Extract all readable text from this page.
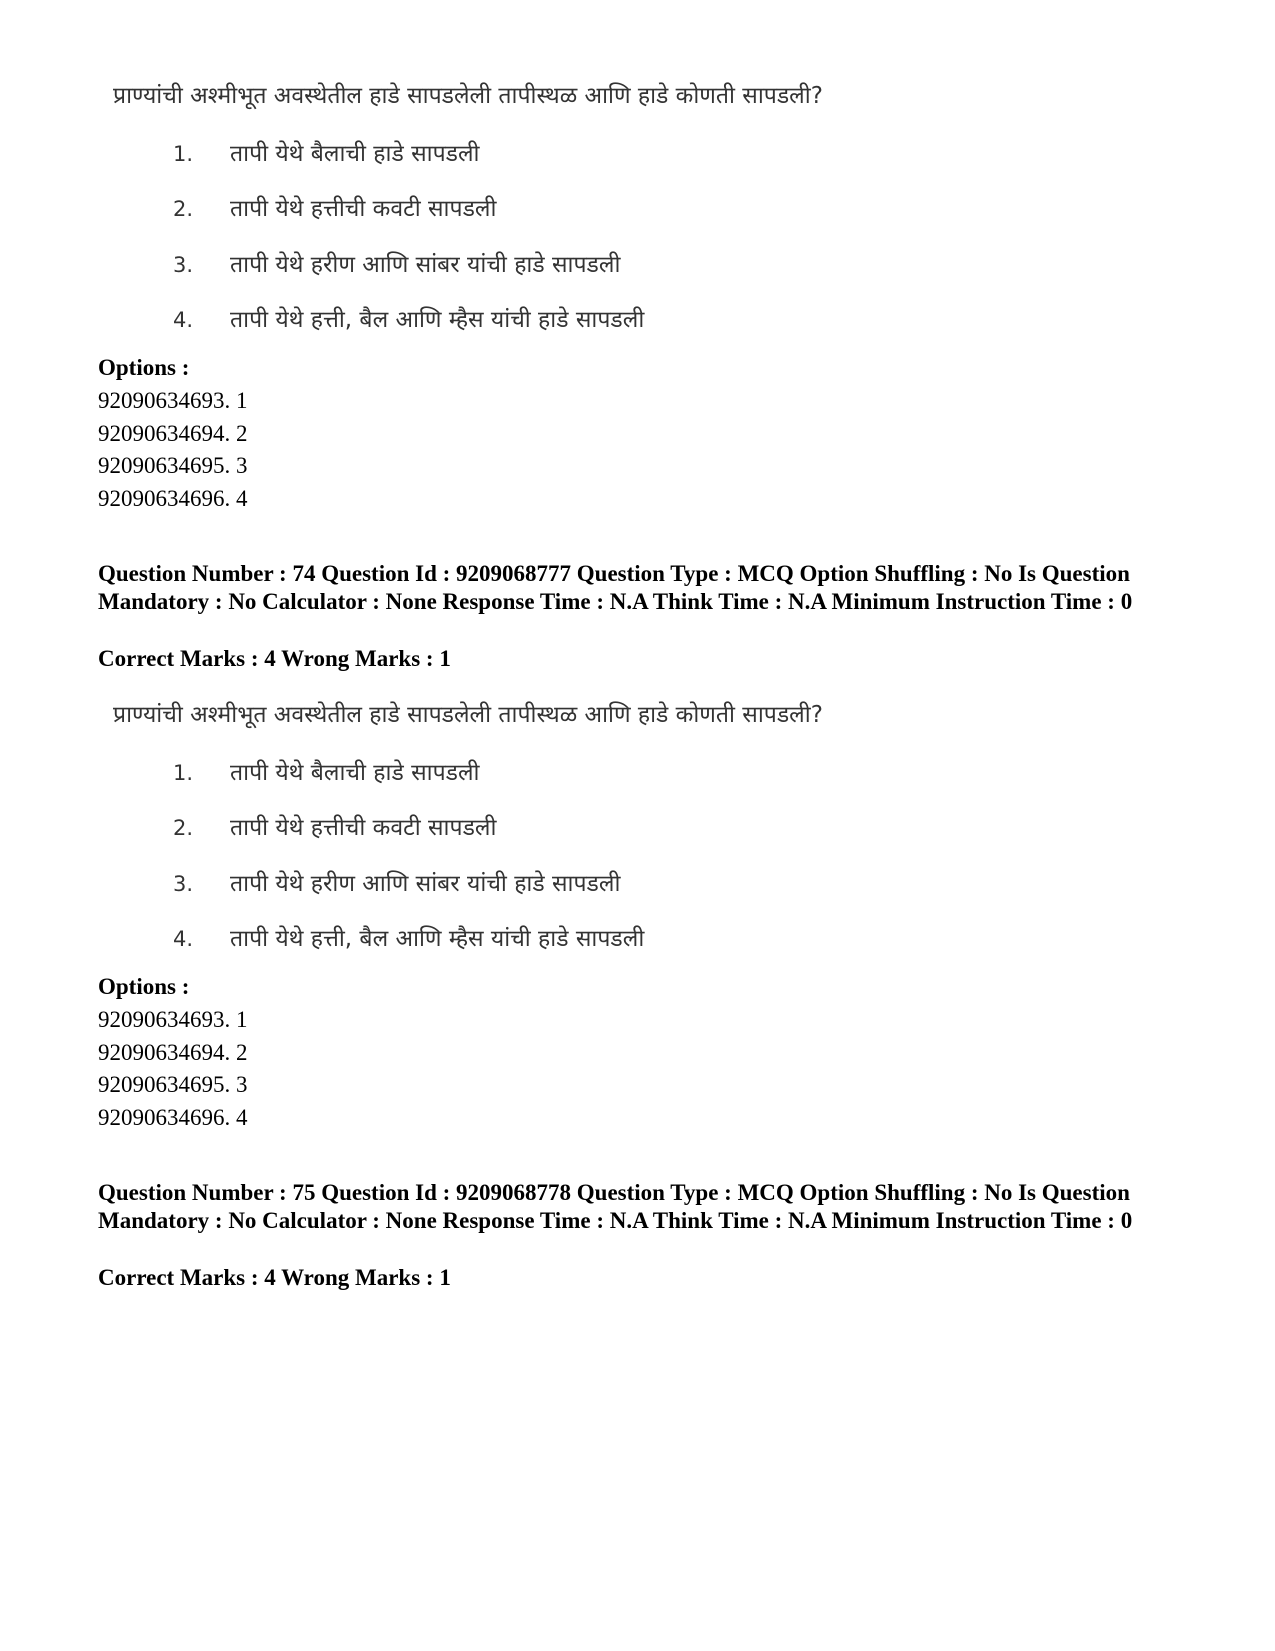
प्राण्यांची अश्मीभूत अवस्थेतील हाडे सापडलेली तापीस्थळ आणि हाडे कोणती सापडली?
1. तापी येथे बैलाची हाडे सापडली
2. तापी येथे हत्तीची कवटी सापडली
3. तापी येथे हरीण आणि सांबर यांची हाडे सापडली
4. तापी येथे हत्ती, बैल आणि म्हैस यांची हाडे सापडली
Options :
92090634693. 1
92090634694. 2
92090634695. 3
92090634696. 4
Question Number : 74 Question Id : 9209068777 Question Type : MCQ Option Shuffling : No Is Question Mandatory : No Calculator : None Response Time : N.A Think Time : N.A Minimum Instruction Time : 0
Correct Marks : 4 Wrong Marks : 1
प्राण्यांची अश्मीभूत अवस्थेतील हाडे सापडलेली तापीस्थळ आणि हाडे कोणती सापडली?
1. तापी येथे बैलाची हाडे सापडली
2. तापी येथे हत्तीची कवटी सापडली
3. तापी येथे हरीण आणि सांबर यांची हाडे सापडली
4. तापी येथे हत्ती, बैल आणि म्हैस यांची हाडे सापडली
Options :
92090634693. 1
92090634694. 2
92090634695. 3
92090634696. 4
Question Number : 75 Question Id : 9209068778 Question Type : MCQ Option Shuffling : No Is Question Mandatory : No Calculator : None Response Time : N.A Think Time : N.A Minimum Instruction Time : 0
Correct Marks : 4 Wrong Marks : 1
